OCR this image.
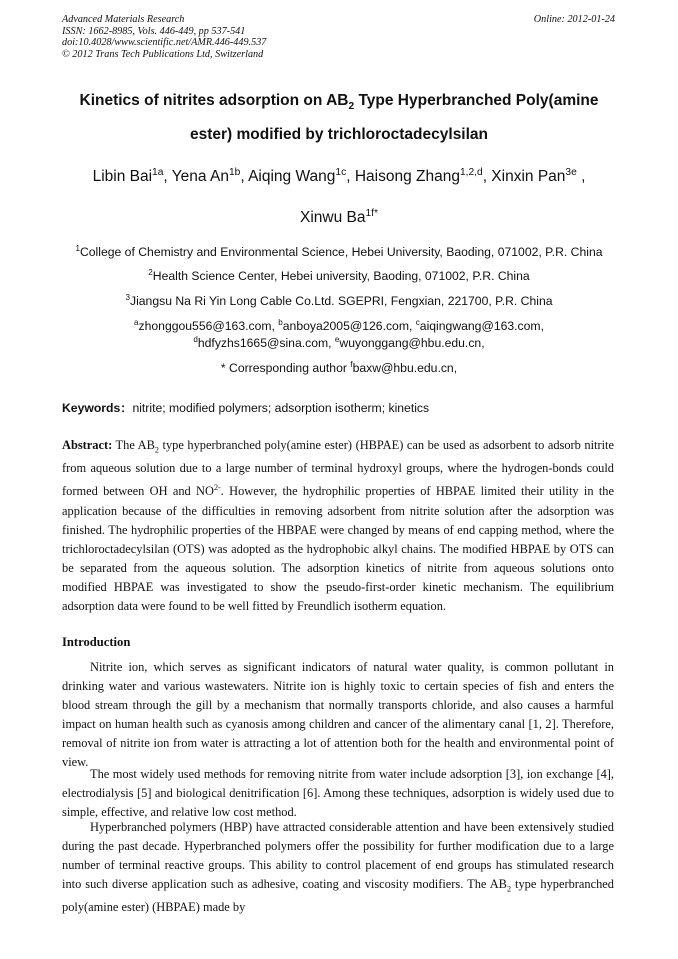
Advanced Materials Research
ISSN: 1662-8985, Vols. 446-449, pp 537-541
doi:10.4028/www.scientific.net/AMR.446-449.537
© 2012 Trans Tech Publications Ltd, Switzerland
Online: 2012-01-24
Kinetics of nitrites adsorption on $AB_2$ Type Hyperbranched Poly(amine
ester) modified by trichloroctadecylsilan
Libin Bai$^{1a}$, Yena $An^{1b}$, Aiqing Wang$^{1c}$, Haisong Zhang$^{1,2,d}$, Xinxin Pan$^{3e}$ ,
Xinwu $Ba^{1f*}$
$^1$College of Chemistry and Environmental Science, Hebei University, Baoding, 071002, P.R. China
$^2$Health Science Center, Hebei university, Baoding, 071002, P.R. China
$^3$Jiangsu Na Ri Yin Long Cable Co.Ltd. SGEPRI, Fengxian, 221700, P.R. China
$^a$zhonggou556@163.com, $^b$anboya2005@126.com, $^c$aiqingwang@163.com,
$^d$hdfyzhs1665@sina.com, $^e$wuyonggang@hbu.edu.cn,
* Corresponding author $^f$baxw@hbu.edu.cn,
Keywords：nitrite; modified polymers; adsorption isotherm; kinetics
Abstract: The $AB_2$ type hyperbranched poly(amine ester) (HBPAE) can be used as adsorbent to adsorb nitrite from aqueous solution due to a large number of terminal hydroxyl groups, where the hydrogen-bonds could formed between OH and $NO^{2-}$. However, the hydrophilic properties of HBPAE limited their utility in the application because of the difficulties in removing adsorbent from nitrite solution after the adsorption was finished. The hydrophilic properties of the HBPAE were changed by means of end capping method, where the trichloroctadecylsilan (OTS) was adopted as the hydrophobic alkyl chains. The modified HBPAE by OTS can be separated from the aqueous solution. The adsorption kinetics of nitrite from aqueous solutions onto modified HBPAE was investigated to show the pseudo-first-order kinetic mechanism. The equilibrium adsorption data were found to be well fitted by Freundlich isotherm equation.
Introduction
Nitrite ion, which serves as significant indicators of natural water quality, is common pollutant in drinking water and various wastewaters. Nitrite ion is highly toxic to certain species of fish and enters the blood stream through the gill by a mechanism that normally transports chloride, and also causes a harmful impact on human health such as cyanosis among children and cancer of the alimentary canal [1, 2]. Therefore, removal of nitrite ion from water is attracting a lot of attention both for the health and environmental point of view.
The most widely used methods for removing nitrite from water include adsorption [3], ion exchange [4], electrodialysis [5] and biological denitrification [6]. Among these techniques, adsorption is widely used due to simple, effective, and relative low cost method.
Hyperbranched polymers (HBP) have attracted considerable attention and have been extensively studied during the past decade. Hyperbranched polymers offer the possibility for further modification due to a large number of terminal reactive groups. This ability to control placement of end groups has stimulated research into such diverse application such as adhesive, coating and viscosity modifiers. The $AB_2$ type hyperbranched poly(amine ester) (HBPAE) made by
